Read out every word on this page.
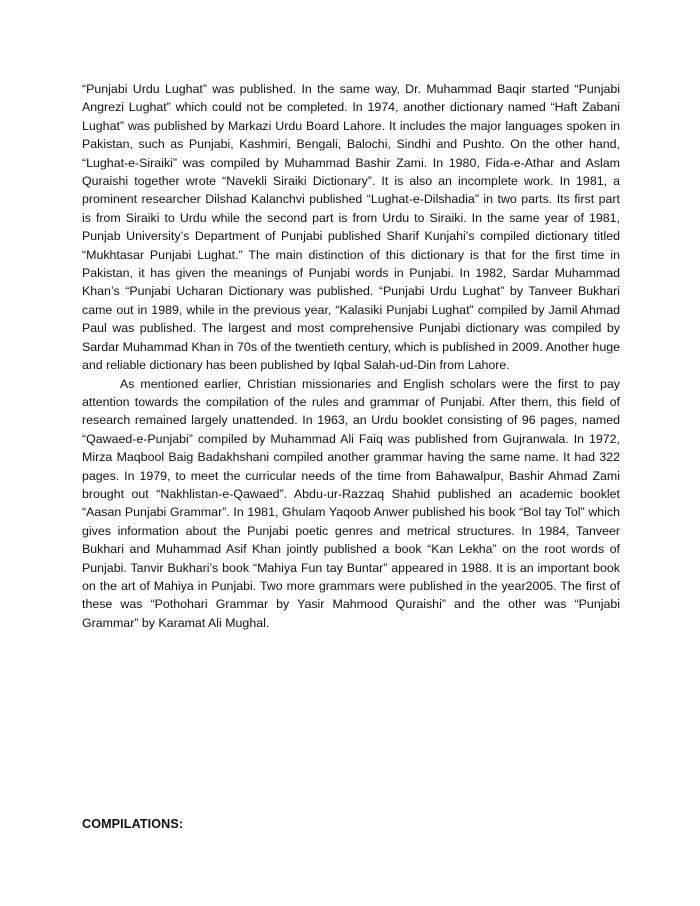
“Punjabi Urdu Lughat” was published. In the same way, Dr. Muhammad Baqir started “Punjabi Angrezi Lughat” which could not be completed. In 1974, another dictionary named “Haft Zabani Lughat” was published by Markazi Urdu Board Lahore. It includes the major languages spoken in Pakistan, such as Punjabi, Kashmiri, Bengali, Balochi, Sindhi and Pushto. On the other hand, “Lughat-e-Siraiki” was compiled by Muhammad Bashir Zami. In 1980, Fida-e-Athar and Aslam Quraishi together wrote “Navekli Siraiki Dictionary”. It is also an incomplete work. In 1981, a prominent researcher Dilshad Kalanchvi published “Lughat-e-Dilshadia” in two parts. Its first part is from Siraiki to Urdu while the second part is from Urdu to Siraiki. In the same year of 1981, Punjab University’s Department of Punjabi published Sharif Kunjahi’s compiled dictionary titled “Mukhtasar Punjabi Lughat.” The main distinction of this dictionary is that for the first time in Pakistan, it has given the meanings of Punjabi words in Punjabi. In 1982, Sardar Muhammad Khan’s “Punjabi Ucharan Dictionary was published. “Punjabi Urdu Lughat” by Tanveer Bukhari came out in 1989, while in the previous year, “Kalasiki Punjabi Lughat” compiled by Jamil Ahmad Paul was published. The largest and most comprehensive Punjabi dictionary was compiled by Sardar Muhammad Khan in 70s of the twentieth century, which is published in 2009. Another huge and reliable dictionary has been published by Iqbal Salah-ud-Din from Lahore.

As mentioned earlier, Christian missionaries and English scholars were the first to pay attention towards the compilation of the rules and grammar of Punjabi. After them, this field of research remained largely unattended. In 1963, an Urdu booklet consisting of 96 pages, named “Qawaed-e-Punjabi” compiled by Muhammad Ali Faiq was published from Gujranwala. In 1972, Mirza Maqbool Baig Badakhshani compiled another grammar having the same name. It had 322 pages. In 1979, to meet the curricular needs of the time from Bahawalpur, Bashir Ahmad Zami brought out “Nakhlistan-e-Qawaed”. Abdu-ur-Razzaq Shahid published an academic booklet “Aasan Punjabi Grammar”. In 1981, Ghulam Yaqoob Anwer published his book “Bol tay Tol” which gives information about the Punjabi poetic genres and metrical structures. In 1984, Tanveer Bukhari and Muhammad Asif Khan jointly published a book “Kan Lekha” on the root words of Punjabi. Tanvir Bukhari’s book “Mahiya Fun tay Buntar” appeared in 1988. It is an important book on the art of Mahiya in Punjabi. Two more grammars were published in the year2005. The first of these was “Pothohari Grammar by Yasir Mahmood Quraishi” and the other was “Punjabi Grammar” by Karamat Ali Mughal.

COMPILATIONS:
